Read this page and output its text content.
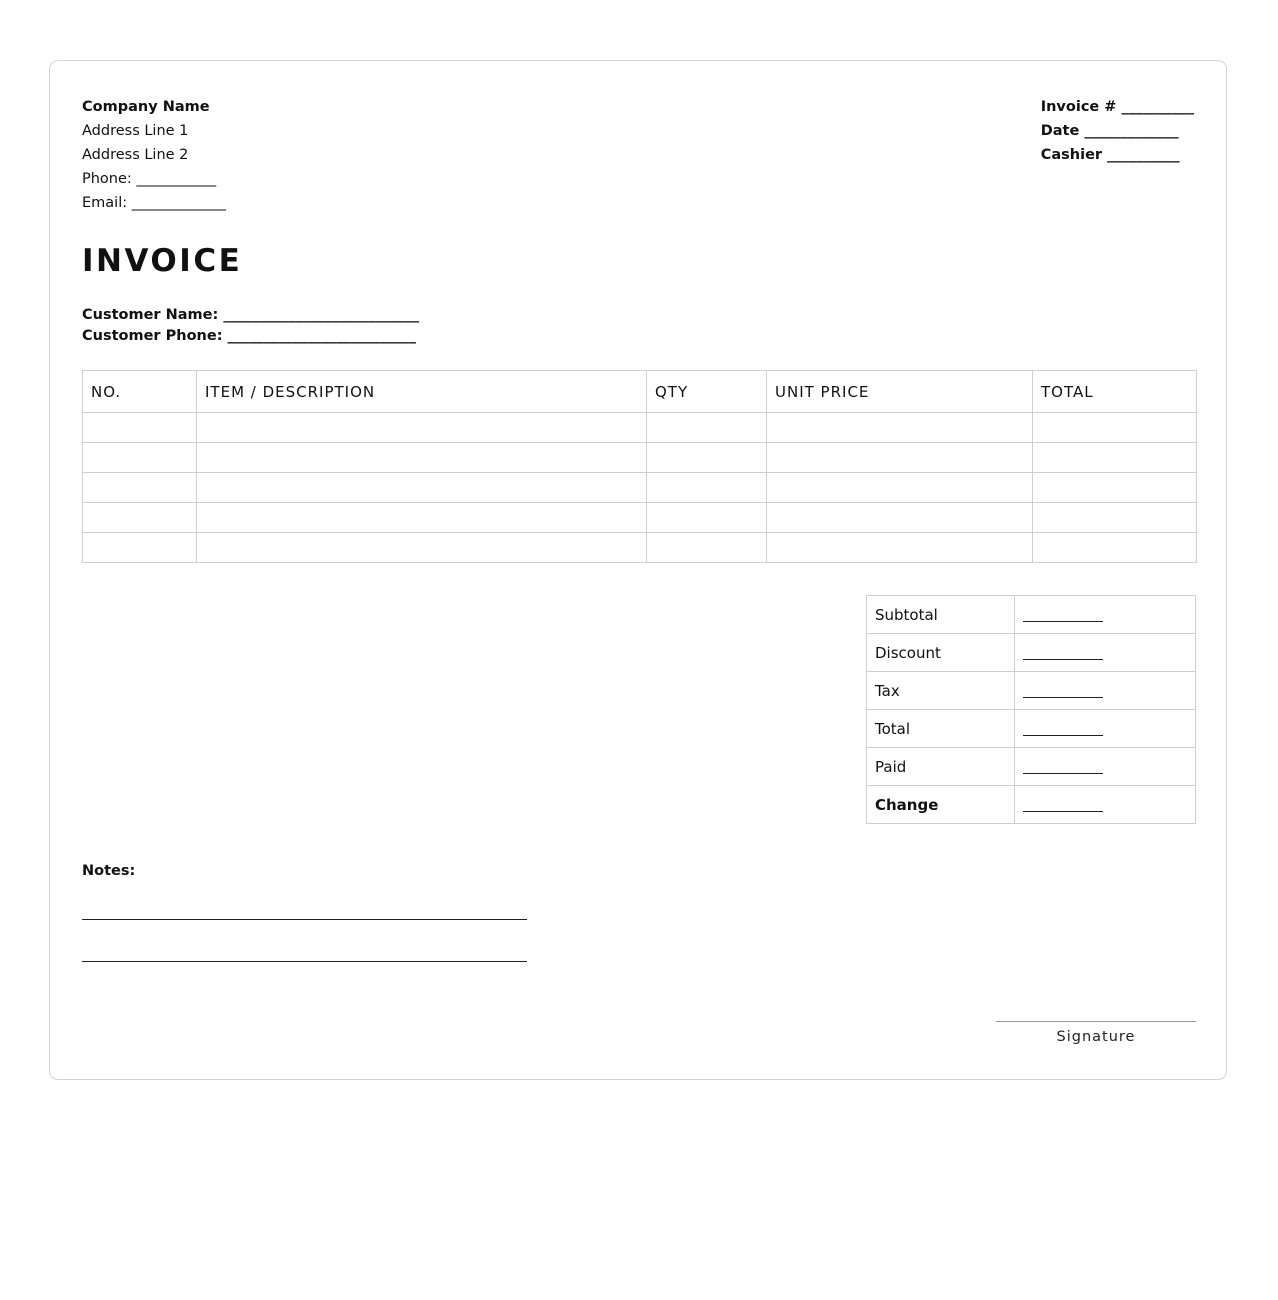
Company Name
Address Line 1
Address Line 2
Phone: ___________
Email: _____________
Invoice # __________
Date _____________
Cashier __________
INVOICE
Customer Name: ___________________________
Customer Phone: __________________________
NO.	ITEM / DESCRIPTION	QTY	UNIT PRICE	TOTAL

Subtotal	
Discount	
Tax	
Total	
Paid	
Change	
Notes:
Signature
